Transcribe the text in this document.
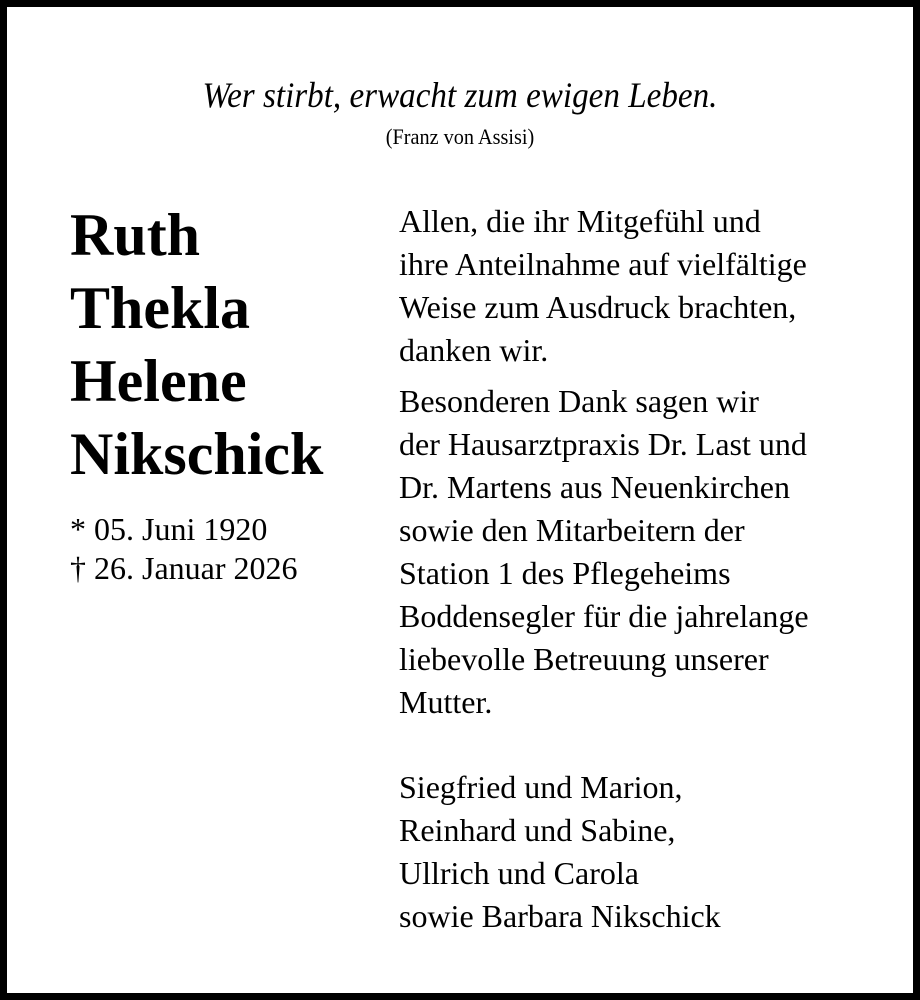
Wer stirbt, erwacht zum ewigen Leben.
(Franz von Assisi)
Ruth
Thekla
Helene
Nikschick
* 05. Juni 1920
† 26. Januar 2026

Allen, die ihr Mitgefühl und
ihre Anteilnahme auf vielfältige
Weise zum Ausdruck brachten,
danken wir.

Besonderen Dank sagen wir
der Hausarztpraxis Dr. Last und
Dr. Martens aus Neuenkirchen
sowie den Mitarbeitern der
Station 1 des Pflegeheims
Boddensegler für die jahrelange
liebevolle Betreuung unserer
Mutter.

Siegfried und Marion,
Reinhard und Sabine,
Ullrich und Carola
sowie Barbara Nikschick
